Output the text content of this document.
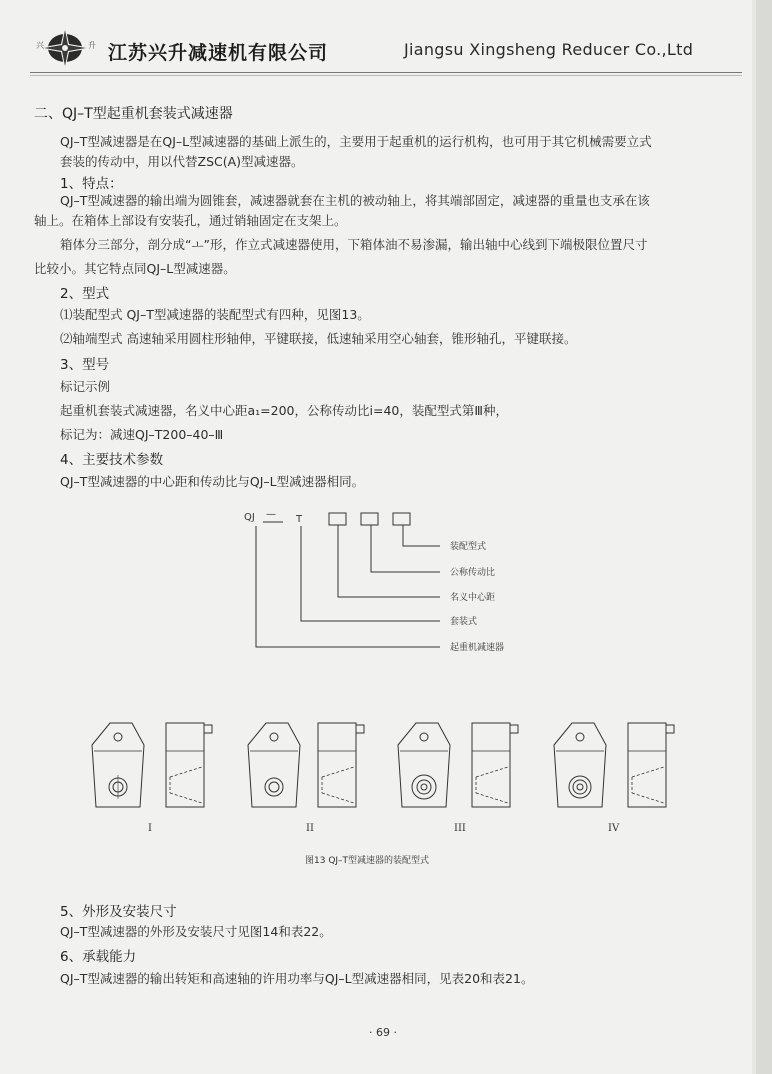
兴	升 江苏兴升减速机有限公司	Jiangsu Xingsheng Reducer Co.,Ltd
二、QJ–T型起重机套装式减速器
QJ–T型减速器是在QJ–L型减速器的基础上派生的，主要用于起重机的运行机构，也可用于其它机械需要立式
套装的传动中，用以代替ZSC(A)型减速器。
1、特点：
QJ–T型减速器的输出端为圆锥套，减速器就套在主机的被动轴上，将其端部固定，减速器的重量也支承在该
轴上。在箱体上部设有安装孔，通过销轴固定在支架上。
箱体分三部分，剖分成“ㅗ”形，作立式减速器使用，下箱体油不易渗漏，输出轴中心线到下端极限位置尺寸
比较小。其它特点同QJ–L型减速器。
2、型式
⑴装配型式 QJ–T型减速器的装配型式有四种，见图13。
⑵轴端型式 高速轴采用圆柱形轴伸，平键联接，低速轴采用空心轴套，锥形轴孔，平键联接。
3、型号
标记示例
起重机套装式减速器，名义中心距a₁=200，公称传动比i=40，装配型式第Ⅲ种，
标记为：减速QJ–T200–40–Ⅲ
4、主要技术参数
QJ–T型减速器的中心距和传动比与QJ–L型减速器相同。
QJ — T
装配型式
公称传动比
名义中心距
套装式
起重机减速器
I	II	III	IV
图13 QJ–T型减速器的装配型式
5、外形及安装尺寸
QJ–T型减速器的外形及安装尺寸见图14和表22。
6、承载能力
QJ–T型减速器的输出转矩和高速轴的许用功率与QJ–L型减速器相同，见表20和表21。
· 69 ·
